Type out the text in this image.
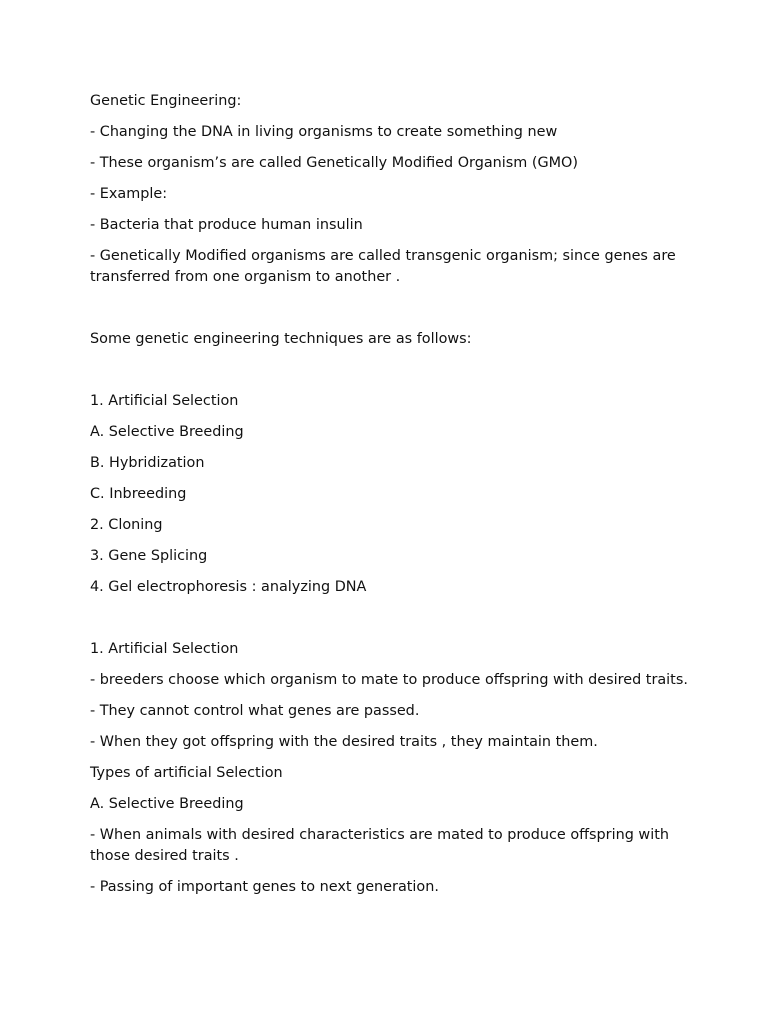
Genetic Engineering:

- Changing the DNA in living organisms to create something new

- These organism’s are called Genetically Modified Organism (GMO)

- Example:

- Bacteria that produce human insulin

- Genetically Modified organisms are called transgenic organism; since genes are transferred from one organism to another .

Some genetic engineering techniques are as follows:

1. Artificial Selection

A. Selective Breeding

B. Hybridization

C. Inbreeding

2. Cloning

3. Gene Splicing

4. Gel electrophoresis : analyzing DNA

1. Artificial Selection

- breeders choose which organism to mate to produce offspring with desired traits.

- They cannot control what genes are passed.

- When they got offspring with the desired traits , they maintain them.

Types of artificial Selection

A. Selective Breeding

- When animals with desired characteristics are mated to produce offspring with those desired traits .

- Passing of important genes to next generation.
